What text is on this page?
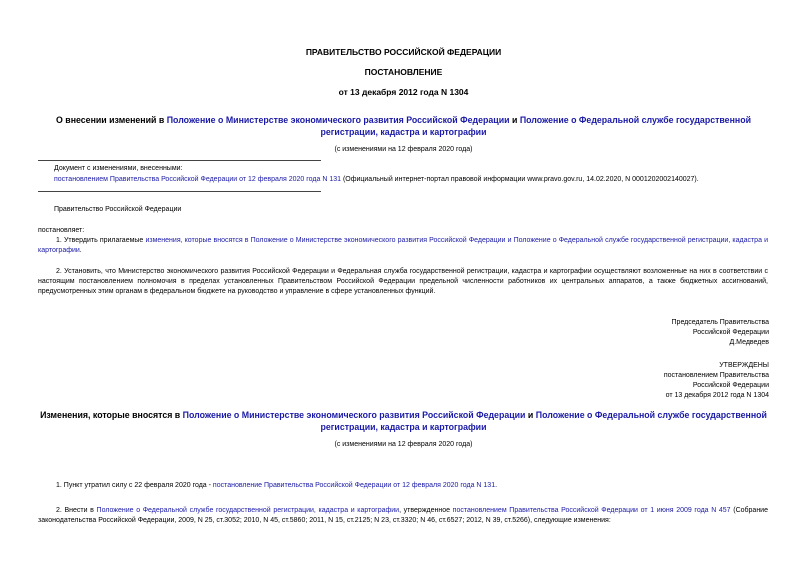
ПРАВИТЕЛЬСТВО РОССИЙСКОЙ ФЕДЕРАЦИИ
ПОСТАНОВЛЕНИЕ
от 13 декабря 2012 года N 1304
О внесении изменений в Положение о Министерстве экономического развития Российской Федерации и Положение о Федеральной службе государственной регистрации, кадастра и картографии
(с изменениями на 12 февраля 2020 года)
Документ с изменениями, внесенными:
постановлением Правительства Российской Федерации от 12 февраля 2020 года N 131 (Официальный интернет-портал правовой информации www.pravo.gov.ru, 14.02.2020, N 0001202002140027).
Правительство Российской Федерации
постановляет:
1. Утвердить прилагаемые изменения, которые вносятся в Положение о Министерстве экономического развития Российской Федерации и Положение о Федеральной службе государственной регистрации, кадастра и картографии.
2. Установить, что Министерство экономического развития Российской Федерации и Федеральная служба государственной регистрации, кадастра и картографии осуществляют возложенные на них в соответствии с настоящим постановлением полномочия в пределах установленных Правительством Российской Федерации предельной численности работников их центральных аппаратов, а также бюджетных ассигнований, предусмотренных этим органам в федеральном бюджете на руководство и управление в сфере установленных функций.
Председатель Правительства
Российской Федерации
Д.Медведев
УТВЕРЖДЕНЫ
постановлением Правительства
Российской Федерации
от 13 декабря 2012 года N 1304
Изменения, которые вносятся в Положение о Министерстве экономического развития Российской Федерации и Положение о Федеральной службе государственной регистрации, кадастра и картографии
(с изменениями на 12 февраля 2020 года)
1. Пункт утратил силу с 22 февраля 2020 года - постановление Правительства Российской Федерации от 12 февраля 2020 года N 131.
2. Внести в Положение о Федеральной службе государственной регистрации, кадастра и картографии, утвержденное постановлением Правительства Российской Федерации от 1 июня 2009 года N 457 (Собрание законодательства Российской Федерации, 2009, N 25, ст.3052; 2010, N 45, ст.5860; 2011, N 15, ст.2125; N 23, ст.3320; N 46, ст.6527; 2012, N 39, ст.5266), следующие изменения:
